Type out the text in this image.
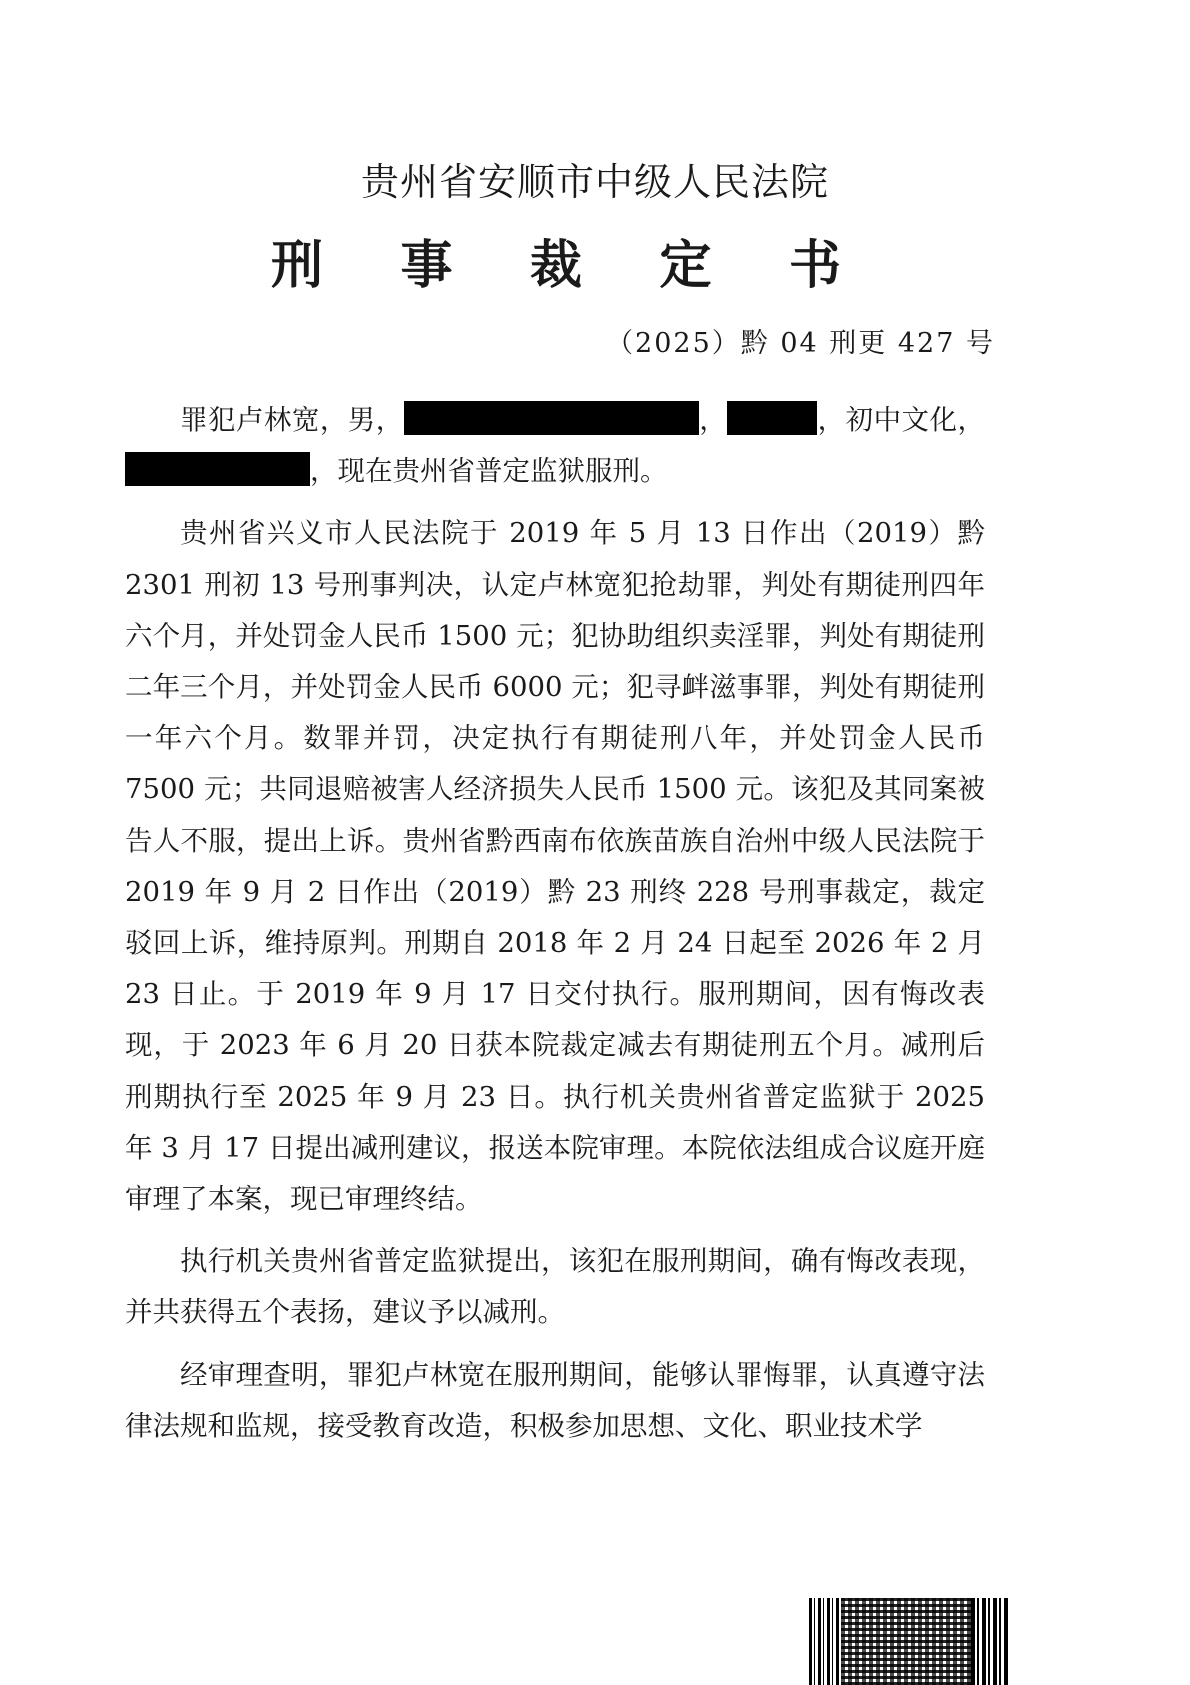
贵州省安顺市中级人民法院
刑 事 裁 定 书
（2025）黔 04 刑更 427 号

罪犯卢林宽，男，	，	，初中文化，，现在贵州省普定监狱服刑。

贵州省兴义市人民法院于 2019 年 5 月 13 日作出（2019）黔 2301 刑初 13 号刑事判决，认定卢林宽犯抢劫罪，判处有期徒刑四年六个月，并处罚金人民币 1500 元；犯协助组织卖淫罪，判处有期徒刑二年三个月，并处罚金人民币 6000 元；犯寻衅滋事罪，判处有期徒刑一年六个月。数罪并罚，决定执行有期徒刑八年，并处罚金人民币 7500 元；共同退赔被害人经济损失人民币 1500 元。该犯及其同案被告人不服，提出上诉。贵州省黔西南布依族苗族自治州中级人民法院于 2019 年 9 月 2 日作出（2019）黔 23 刑终 228 号刑事裁定，裁定驳回上诉，维持原判。刑期自 2018 年 2 月 24 日起至 2026 年 2 月 23 日止。于 2019 年 9 月 17 日交付执行。服刑期间，因有悔改表现，于 2023 年 6 月 20 日获本院裁定减去有期徒刑五个月。减刑后刑期执行至 2025 年 9 月 23 日。执行机关贵州省普定监狱于 2025 年 3 月 17 日提出减刑建议，报送本院审理。本院依法组成合议庭开庭审理了本案，现已审理终结。

执行机关贵州省普定监狱提出，该犯在服刑期间，确有悔改表现，并共获得五个表扬，建议予以减刑。

经审理查明，罪犯卢林宽在服刑期间，能够认罪悔罪，认真遵守法律法规和监规，接受教育改造，积极参加思想、文化、职业技术学
